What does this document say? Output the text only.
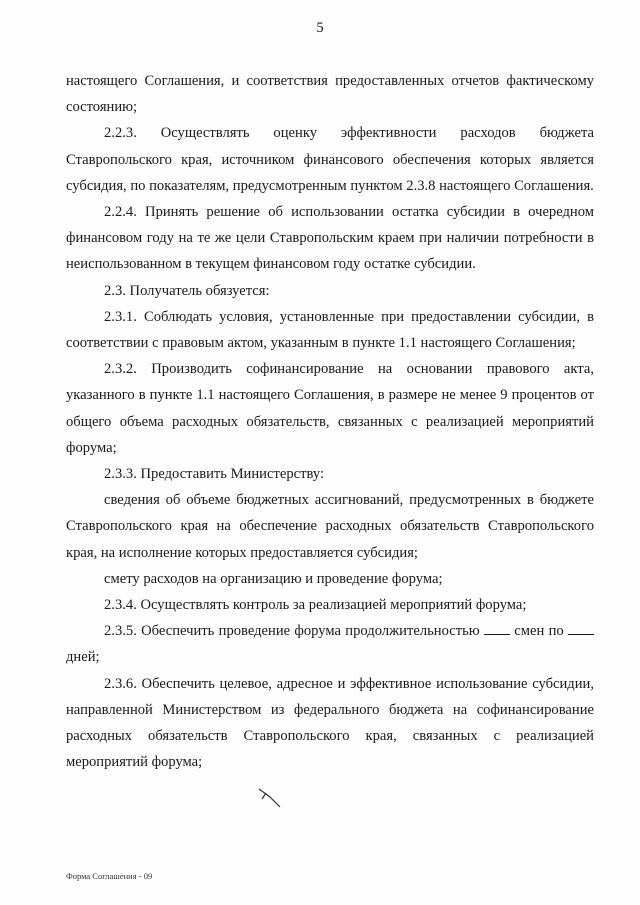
5

настоящего Соглашения, и соответствия предоставленных отчетов фактическому состоянию;

2.2.3. Осуществлять оценку эффективности расходов бюджета Ставропольского края, источником финансового обеспечения которых является субсидия, по показателям, предусмотренным пунктом 2.3.8 настоящего Соглашения.

2.2.4. Принять решение об использовании остатка субсидии в очередном финансовом году на те же цели Ставропольским краем при наличии потребности в неиспользованном в текущем финансовом году остатке субсидии.

2.3. Получатель обязуется:

2.3.1. Соблюдать условия, установленные при предоставлении субсидии, в соответствии с правовым актом, указанным в пункте 1.1 настоящего Соглашения;

2.3.2. Производить софинансирование на основании правового акта, указанного в пункте 1.1 настоящего Соглашения, в размере не менее 9 процентов от общего объема расходных обязательств, связанных с реализацией мероприятий форума;

2.3.3. Предоставить Министерству:

сведения об объеме бюджетных ассигнований, предусмотренных в бюджете Ставропольского края на обеспечение расходных обязательств Ставропольского края, на исполнение которых предоставляется субсидия;

смету расходов на организацию и проведение форума;

2.3.4. Осуществлять контроль за реализацией мероприятий форума;

2.3.5. Обеспечить проведение форума продолжительностью смен по дней;

2.3.6. Обеспечить целевое, адресное и эффективное использование субсидии, направленной Министерством из федерального бюджета на софинансирование расходных обязательств Ставропольского края, связанных с реализацией мероприятий форума;

Форма Соглашения - 09
